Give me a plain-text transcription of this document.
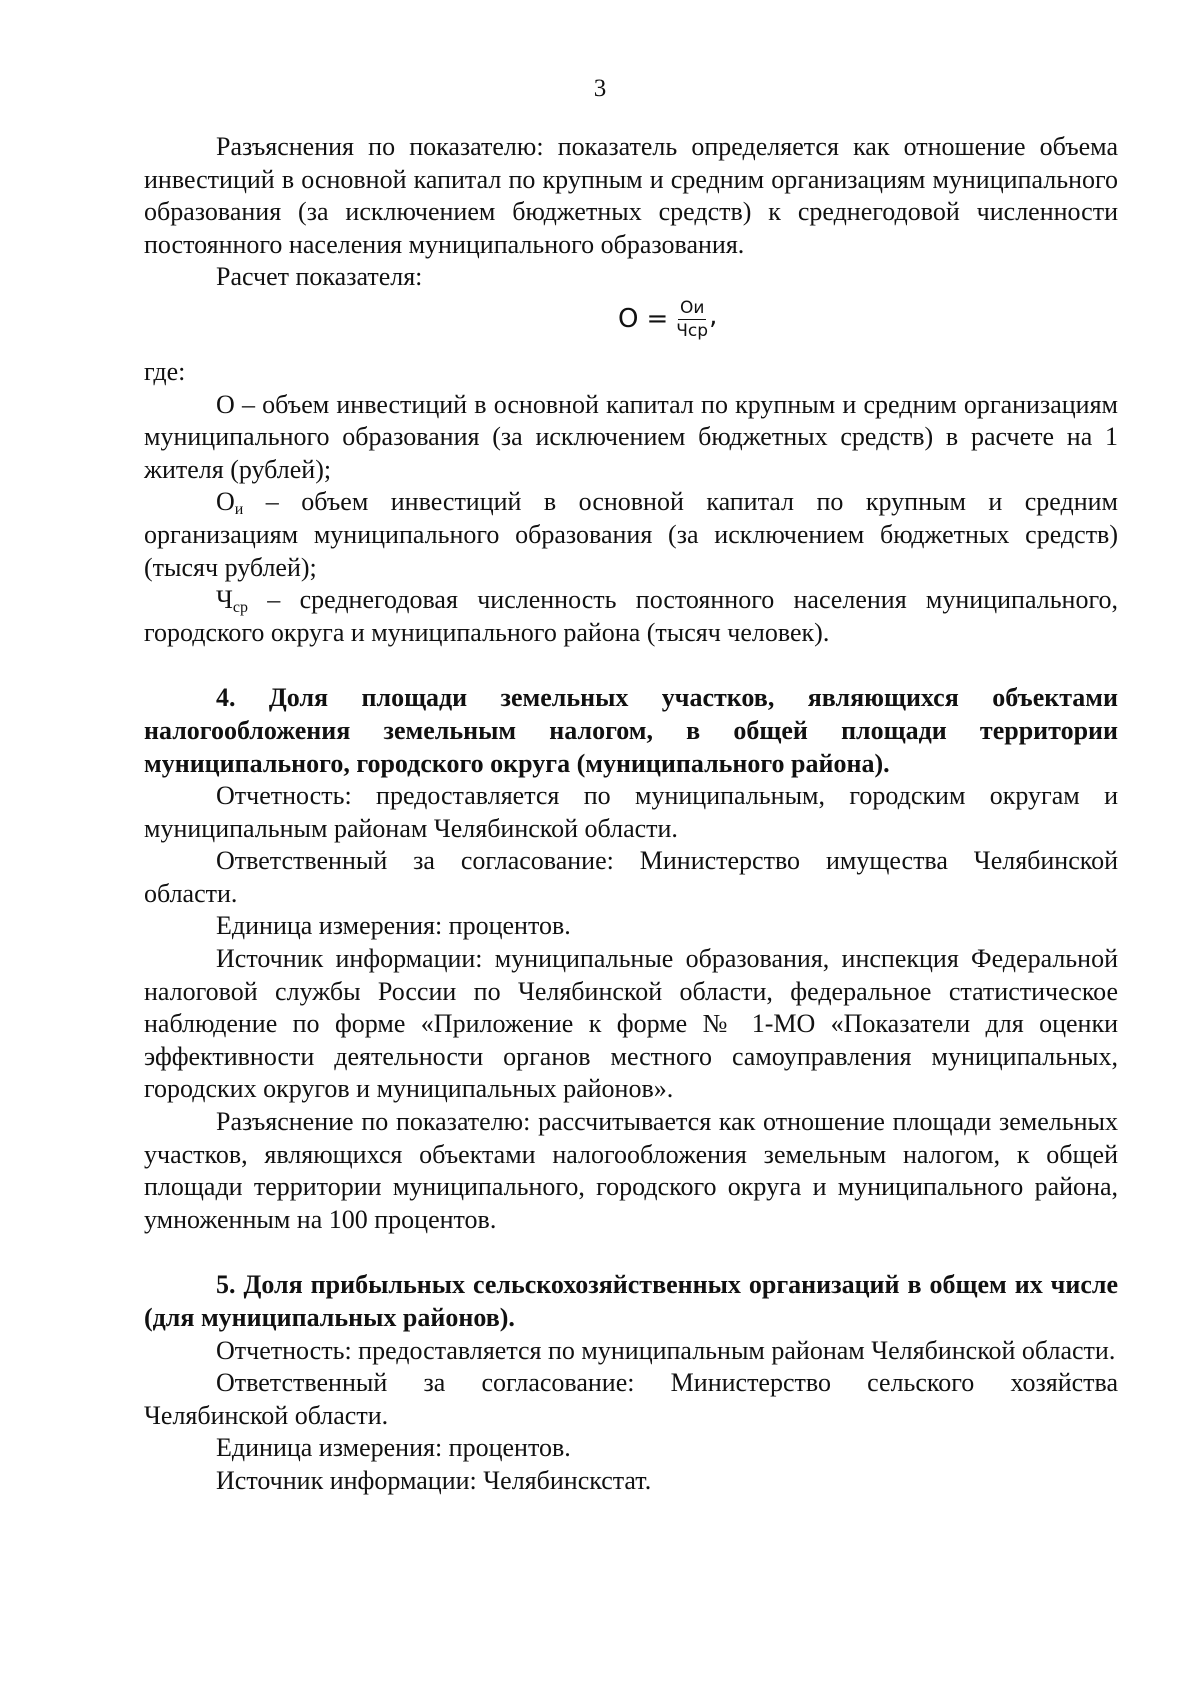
3

Разъяснения по показателю: показатель определяется как отношение объема инвестиций в основной капитал по крупным и средним организациям муниципального образования (за исключением бюджетных средств) к среднегодовой численности постоянного населения муниципального образования.

Расчет показателя:

$О = \frac{Ои}{\text{Чср}}$ ,

где:

О – объем инвестиций в основной капитал по крупным и средним организациям муниципального образования (за исключением бюджетных средств) в расчете на 1 жителя (рублей);

$О_и$ – объем инвестиций в основной капитал по крупным и средним организациям муниципального образования (за исключением бюджетных средств) (тысяч рублей);

$Ч_{ср}$ – среднегодовая численность постоянного населения муниципального, городского округа и муниципального района (тысяч человек).

4. Доля площади земельных участков, являющихся объектами налогообложения земельным налогом, в общей площади территории муниципального, городского округа (муниципального района).

Отчетность: предоставляется по муниципальным, городским округам и муниципальным районам Челябинской области.

Ответственный за согласование: Министерство имущества Челябинской области.

Единица измерения: процентов.

Источник информации: муниципальные образования, инспекция Федеральной налоговой службы России по Челябинской области, федеральное статистическое наблюдение по форме «Приложение к форме № 1-МО «Показатели для оценки эффективности деятельности органов местного самоуправления муниципальных, городских округов и муниципальных районов».

Разъяснение по показателю: рассчитывается как отношение площади земельных участков, являющихся объектами налогообложения земельным налогом, к общей площади территории муниципального, городского округа и муниципального района, умноженным на 100 процентов.

5. Доля прибыльных сельскохозяйственных организаций в общем их числе (для муниципальных районов).

Отчетность: предоставляется по муниципальным районам Челябинской области.

Ответственный за согласование: Министерство сельского хозяйства Челябинской области.

Единица измерения: процентов.

Источник информации: Челябинскстат.
